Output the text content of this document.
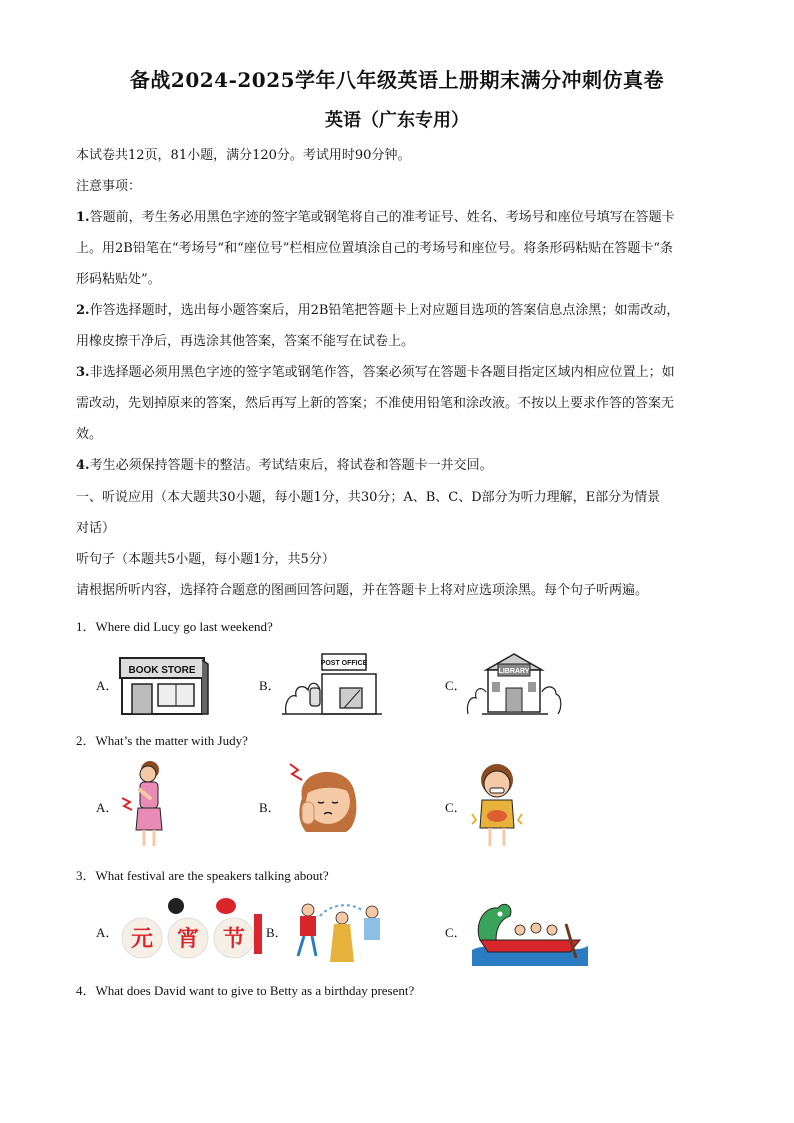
备战2024-2025学年八年级英语上册期末满分冲刺仿真卷
英语（广东专用）
本试卷共12页，81小题，满分120分。考试用时90分钟。
注意事项：
1.答题前，考生务必用黑色字迹的签字笔或钢笔将自己的准考证号、姓名、考场号和座位号填写在答题卡
上。用2B铅笔在“考场号”和“座位号”栏相应位置填涂自己的考场号和座位号。将条形码粘贴在答题卡“条
形码粘贴处”。
2.作答选择题时，选出每小题答案后，用2B铅笔把答题卡上对应题目选项的答案信息点涂黑；如需改动，
用橡皮擦干净后，再选涂其他答案，答案不能写在试卷上。
3.非选择题必须用黑色字迹的签字笔或钢笔作答，答案必须写在答题卡各题目指定区域内相应位置上；如
需改动，先划掉原来的答案，然后再写上新的答案；不准使用铅笔和涂改液。不按以上要求作答的答案无
效。
4.考生必须保持答题卡的整洁。考试结束后，将试卷和答题卡一并交回。
一、听说应用（本大题共30小题，每小题1分，共30分；A、B、C、D部分为听力理解，E部分为情景
对话）
听句子（本题共5小题，每小题1分，共5分）
请根据所听内容，选择符合题意的图画回答问题，并在答题卡上将对应选项涂黑。每个句子听两遍。
1．Where did Lucy go last weekend?
A．	B．	C．
BOOK STORE
POST OFFICE
LIBRARY
2．What’s the matter with Judy?
A．	B．	C．
3．What festival are the speakers talking about?
A．	B．	C．
元 宵 节
4．What does David want to give to Betty as a birthday present?
